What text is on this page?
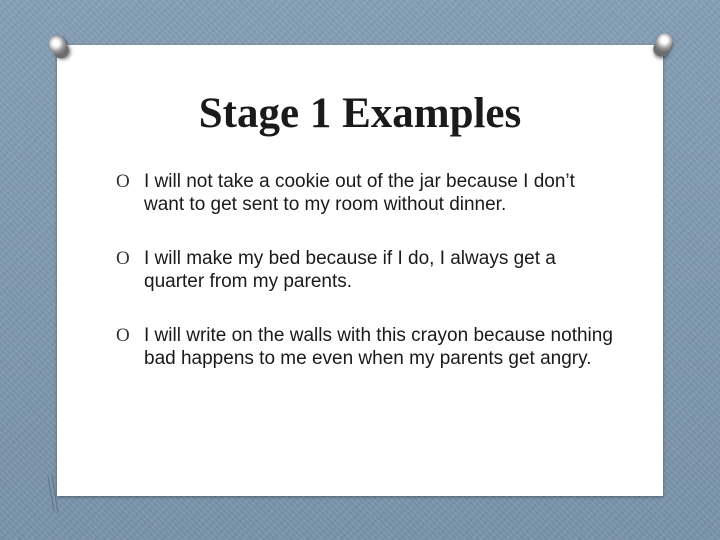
Stage 1 Examples
O I will not take a cookie out of the jar because I don’t want to get sent to my room without dinner.
O I will make my bed because if I do, I always get a quarter from my parents.
O I will write on the walls with this crayon because nothing bad happens to me even when my parents get angry.
